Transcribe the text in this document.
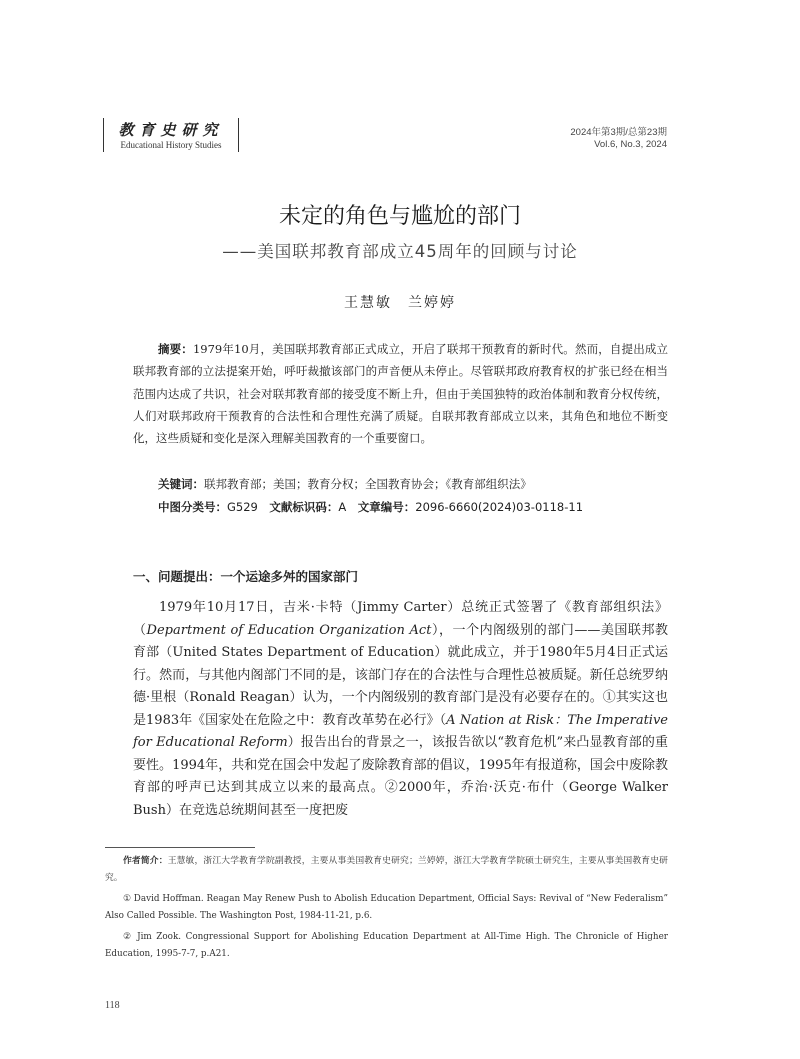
教育史研究
Educational History Studies
2024年第3期/总第23期
Vol.6, No.3, 2024
未定的角色与尴尬的部门
——美国联邦教育部成立45周年的回顾与讨论
王慧敏　兰婷婷

摘要：1979年10月，美国联邦教育部正式成立，开启了联邦干预教育的新时代。然而，自提出成立联邦教育部的立法提案开始，呼吁裁撤该部门的声音便从未停止。尽管联邦政府教育权的扩张已经在相当范围内达成了共识，社会对联邦教育部的接受度不断上升，但由于美国独特的政治体制和教育分权传统，人们对联邦政府干预教育的合法性和合理性充满了质疑。自联邦教育部成立以来，其角色和地位不断变化，这些质疑和变化是深入理解美国教育的一个重要窗口。

关键词：联邦教育部；美国；教育分权；全国教育协会；《教育部组织法》
中图分类号：G529　 文献标识码：A　 文章编号：2096-6660(2024)03-0118-11
一、问题提出：一个运途多舛的国家部门

1979年10月17日，吉米·卡特（Jimmy Carter）总统正式签署了《教育部组织法》（Department of Education Organization Act），一个内阁级别的部门——美国联邦教育部（United States Department of Education）就此成立，并于1980年5月4日正式运行。然而，与其他内阁部门不同的是，该部门存在的合法性与合理性总被质疑。新任总统罗纳德·里根（Ronald Reagan）认为，一个内阁级别的教育部门是没有必要存在的。①其实这也是1983年《国家处在危险之中：教育改革势在必行》（A Nation at Risk：The Imperative for Educational Reform）报告出台的背景之一，该报告欲以“教育危机”来凸显教育部的重要性。1994年，共和党在国会中发起了废除教育部的倡议，1995年有报道称，国会中废除教育部的呼声已达到其成立以来的最高点。②2000年，乔治·沃克·布什（George Walker Bush）在竞选总统期间甚至一度把废

作者简介：王慧敏，浙江大学教育学院副教授，主要从事美国教育史研究；兰婷婷，浙江大学教育学院硕士研究生，主要从事美国教育史研究。

① David Hoffman. Reagan May Renew Push to Abolish Education Department, Official Says: Revival of “New Federalism” Also Called Possible. The Washington Post, 1984-11-21, p.6.

② Jim Zook. Congressional Support for Abolishing Education Department at All-Time High. The Chronicle of Higher Education, 1995-7-7, p.A21.

118
